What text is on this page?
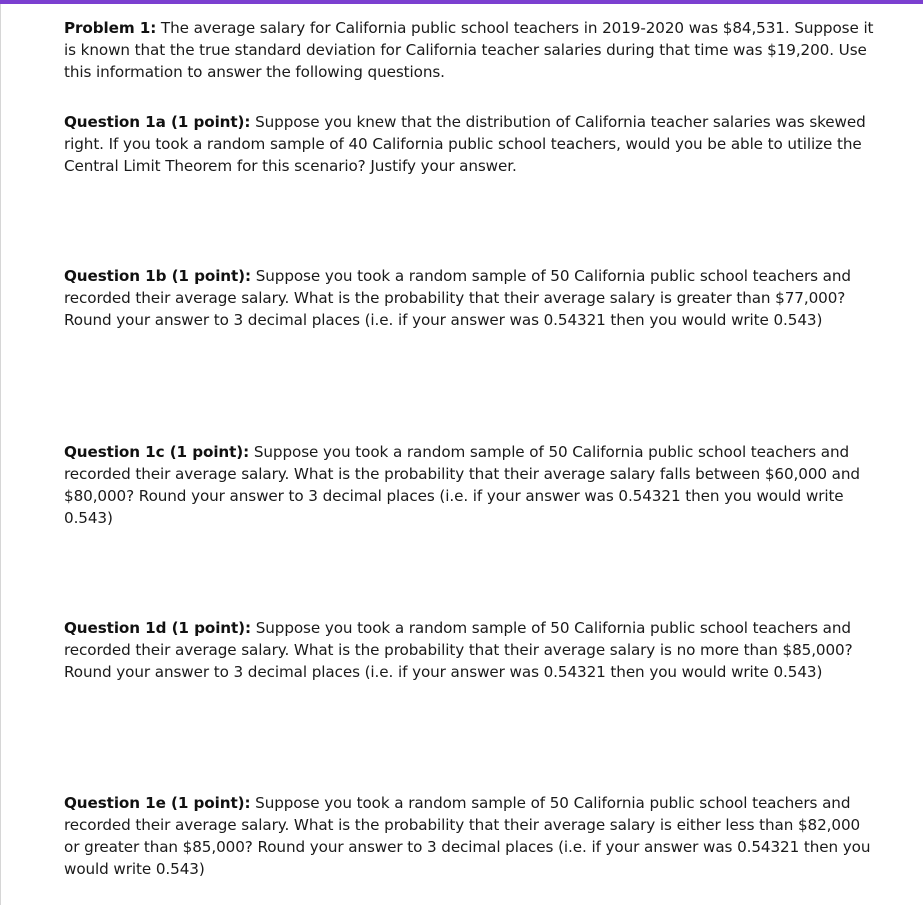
Problem 1: The average salary for California public school teachers in 2019-2020 was $84,531. Suppose it is known that the true standard deviation for California teacher salaries during that time was $19,200. Use this information to answer the following questions.

Question 1a (1 point): Suppose you knew that the distribution of California teacher salaries was skewed right. If you took a random sample of 40 California public school teachers, would you be able to utilize the Central Limit Theorem for this scenario? Justify your answer.

Question 1b (1 point): Suppose you took a random sample of 50 California public school teachers and recorded their average salary. What is the probability that their average salary is greater than $77,000? Round your answer to 3 decimal places (i.e. if your answer was 0.54321 then you would write 0.543)

Question 1c (1 point): Suppose you took a random sample of 50 California public school teachers and recorded their average salary. What is the probability that their average salary falls between $60,000 and $80,000? Round your answer to 3 decimal places (i.e. if your answer was 0.54321 then you would write 0.543)

Question 1d (1 point): Suppose you took a random sample of 50 California public school teachers and recorded their average salary. What is the probability that their average salary is no more than $85,000? Round your answer to 3 decimal places (i.e. if your answer was 0.54321 then you would write 0.543)

Question 1e (1 point): Suppose you took a random sample of 50 California public school teachers and recorded their average salary. What is the probability that their average salary is either less than $82,000 or greater than $85,000? Round your answer to 3 decimal places (i.e. if your answer was 0.54321 then you would write 0.543)
